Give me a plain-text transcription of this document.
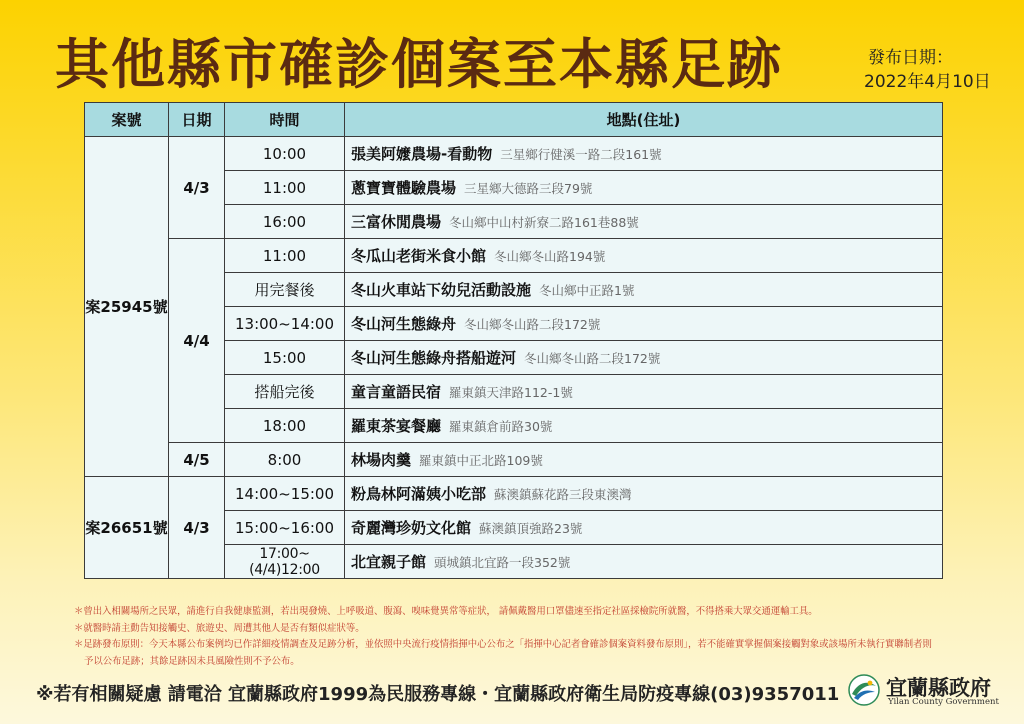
其他縣市確診個案至本縣足跡	發布日期：
2022年4月10日
案號	日期	時間	地點(住址)
案25945號	4/3	10:00	張美阿嬤農場-看動物 三星鄉行健溪一路二段161號
		11:00	蔥寶寶體驗農場 三星鄉大德路三段79號
		16:00	三富休閒農場 冬山鄉中山村新寮二路161巷88號
	4/4	11:00	冬瓜山老街米食小館 冬山鄉冬山路194號
		用完餐後	冬山火車站下幼兒活動設施 冬山鄉中正路1號
		13:00~14:00	冬山河生態綠舟 冬山鄉冬山路二段172號
		15:00	冬山河生態綠舟搭船遊河 冬山鄉冬山路二段172號
		搭船完後	童言童語民宿 羅東鎮天津路112-1號
		18:00	羅東茶宴餐廳 羅東鎮倉前路30號
	4/5	8:00	林場肉羹 羅東鎮中正北路109號
案26651號	4/3	14:00~15:00	粉鳥林阿滿姨小吃部 蘇澳鎮蘇花路三段東澳灣
		15:00~16:00	奇麗灣珍奶文化館 蘇澳鎮頂強路23號
		17:00~(4/4)12:00	北宜親子館 頭城鎮北宜路一段352號
＊曾出入相關場所之民眾，請進行自我健康監測，若出現發燒、上呼吸道、腹瀉、嗅味覺異常等症狀， 請佩戴醫用口罩儘速至指定社區採檢院所就醫，不得搭乘大眾交通運輸工具。
＊就醫時請主動告知接觸史、旅遊史、周遭其他人是否有類似症狀等。
＊足跡發布原則：今天本縣公布案例均已作詳細疫情調查及足跡分析，並依照中央流行疫情指揮中心公布之「指揮中心記者會確診個案資料發布原則」，若不能確實掌握個案接觸對象或該場所未執行實聯制者則
予以公布足跡；其餘足跡因未具風險性則不予公布。
※若有相關疑慮 請電洽 宜蘭縣政府1999為民服務專線・宜蘭縣政府衛生局防疫專線(03)9357011 宜蘭縣政府
Yilan County Government
